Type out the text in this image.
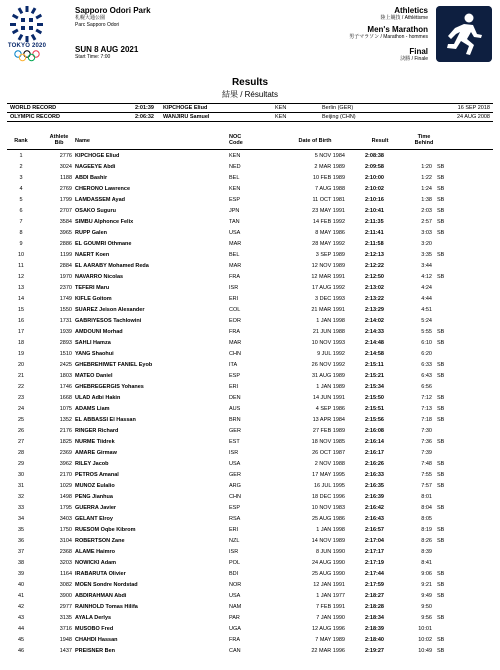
TOKYO 2020
Sapporo Odori Park
札幌大通公園
Parc Sapporo Odori
SUN 8 AUG 2021
Start Time: 7:00
Athletics
陸上競技 / Athlétisme
Men's Marathon
男子マラソン / Marathon - hommes
Final
決勝 / Finale
Results
結果 / Résultats
WORLD RECORD	2:01:39 KIPCHOGE Eliud	KEN	Berlin (GER)	16 SEP 2018
OLYMPIC RECORD	2:06:32 WANJIRU Samuel	KEN	Beijing (CHN)	24 AUG 2008
Rank
Athlete
Bib	Name
NOC
Code	Date of Birth	Result
Time
Behind
1	2776 KIPCHOGE Eliud	KEN	5 NOV 1984	2:08:38
2	3024 NAGEEYE Abdi	NED	2 MAR 1989	2:09:58	1:20 SB
3	1188 ABDI Bashir	BEL	10 FEB 1989	2:10:00	1:22 SB
4	2769 CHERONO Lawrence	KEN	7 AUG 1988	2:10:02	1:24 SB
5	1799 LAMDASSEM Ayad	ESP	11 OCT 1981	2:10:16	1:38 SB
6	2707 OSAKO Suguru	JPN	23 MAY 1991	2:10:41	2:03 SB
7	3584 SIMBU Alphonce Felix	TAN	14 FEB 1992	2:11:35	2:57 SB
8	3965 RUPP Galen	USA	8 MAY 1986	2:11:41	3:03 SB
9	2886 EL GOUMRI Othmane	MAR	28 MAY 1992	2:11:58	3:20
10	1199 NAERT Koen	BEL	3 SEP 1989	2:12:13	3:35 SB
11	2884 EL AARABY Mohamed Reda	MAR	12 NOV 1989	2:12:22	3:44
12	1970 NAVARRO Nicolas	FRA	12 MAR 1991	2:12:50	4:12 SB
13	2370 TEFERI Maru	ISR	17 AUG 1992	2:13:02	4:24
14	1749 KIFLE Goitom	ERI	3 DEC 1993	2:13:22	4:44
15	1550 SUAREZ Jeison Alexander	COL	21 MAR 1991	2:13:29	4:51
16	1731 GABRIYESOS Tachlowini	EOR	1 JAN 1998	2:14:02	5:24
17	1939 AMDOUNI Morhad	FRA	21 JUN 1988	2:14:33	5:55 SB
18	2893 SAHLI Hamza	MAR	10 NOV 1993	2:14:48	6:10 SB
19	1510 YANG Shaohui	CHN	9 JUL 1992	2:14:58	6:20
20	2425 GHEBREHIWET FANIEL Eyob	ITA	26 NOV 1992	2:15:11	6:33 SB
21	1803 MATEO Daniel	ESP	31 AUG 1989	2:15:21	6:43 SB
22	1746 GHEBREGERGIS Yohanes	ERI	1 JAN 1989	2:15:34	6:56
23	1668 ULAD Adbi Hakin	DEN	14 JUN 1991	2:15:50	7:12 SB
24	1075 ADAMS Liam	AUS	4 SEP 1986	2:15:51	7:13 SB
25	1352 EL ABBASSI El Hassan	BRN	13 APR 1984	2:15:56	7:18 SB
26	2176 RINGER Richard	GER	27 FEB 1989	2:16:08	7:30
27	1825 NURME Tiidrek	EST	18 NOV 1985	2:16:14	7:36 SB
28	2369 AMARE Girmaw	ISR	26 OCT 1987	2:16:17	7:39
29	3962 RILEY Jacob	USA	2 NOV 1988	2:16:26	7:48 SB
30	2170 PETROS Amanal	GER	17 MAY 1995	2:16:33	7:55 SB
31	1029 MUNOZ Eulalio	ARG	16 JUL 1995	2:16:35	7:57 SB
32	1498 PENG Jianhua	CHN	18 DEC 1996	2:16:39	8:01
33	1795 GUERRA Javier	ESP	10 NOV 1983	2:16:42	8:04 SB
34	3403 GELANT Elroy	RSA	25 AUG 1986	2:16:43	8:05
35	1750 RUESOM Oqbe Kibrom	ERI	1 JAN 1998	2:16:57	8:19 SB
36	3104 ROBERTSON Zane	NZL	14 NOV 1989	2:17:04	8:26 SB
37	2368 ALAME Haimro	ISR	8 JUN 1990	2:17:17	8:39
38	3203 NOWICKI Adam	POL	24 AUG 1990	2:17:19	8:41
39	1164 IRABARUTA Olivier	BDI	25 AUG 1990	2:17:44	9:06 SB
40	3082 MOEN Sondre Nordstad	NOR	12 JAN 1991	2:17:59	9:21 SB
41	3900 ABDIRAHMAN Abdi	USA	1 JAN 1977	2:18:27	9:49 SB
42	2977 RAINHOLD Tomas Hilifa	NAM	7 FEB 1991	2:18:28	9:50
43	3135 AYALA Derlys	PAR	7 JAN 1990	2:18:34	9:56 SB
44	3716 MUSOBO Fred	UGA	12 AUG 1996	2:18:39	10:01
45	1948 CHAHDI Hassan	FRA	7 MAY 1989	2:18:40	10:02 SB
46	1437 PREISNER Ben	CAN	22 MAR 1996	2:19:27	10:49 SB
